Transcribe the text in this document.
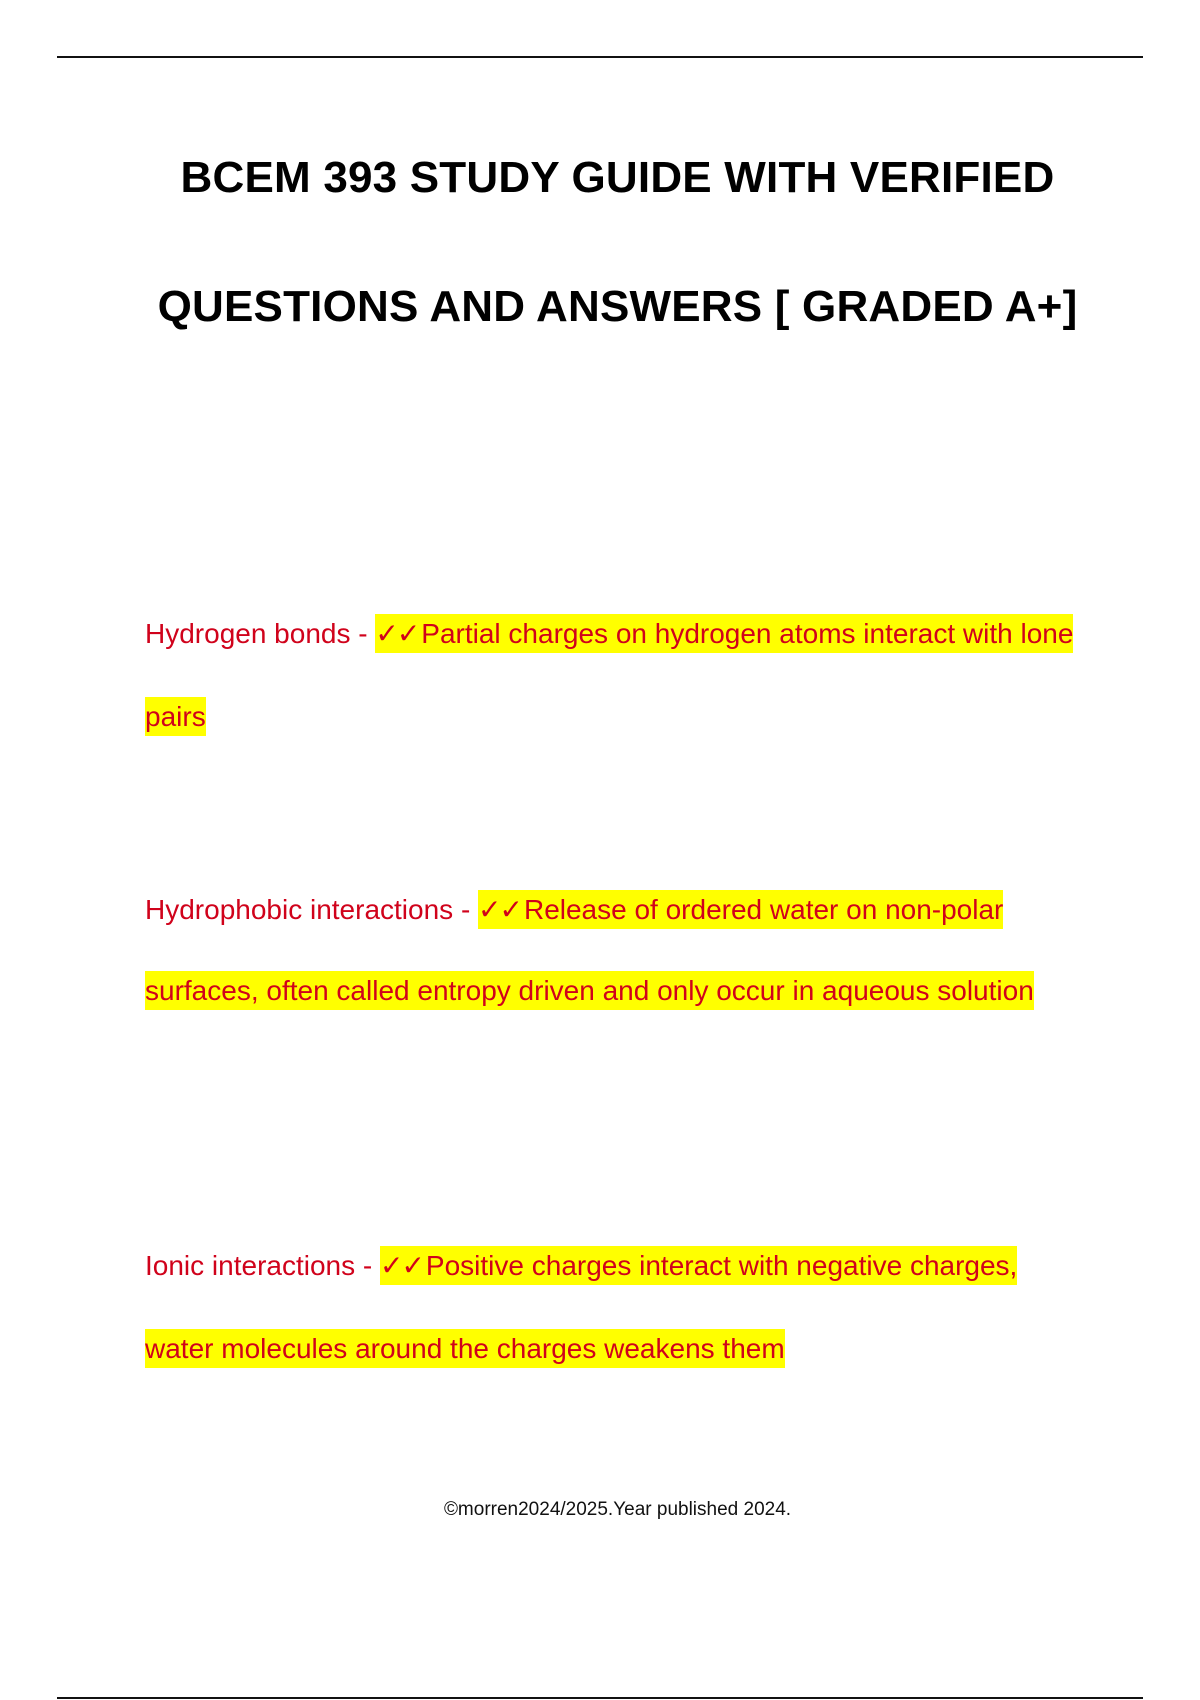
BCEM 393 STUDY GUIDE WITH VERIFIED
QUESTIONS AND ANSWERS [ GRADED A+]
Hydrogen bonds - ✓✓ Partial charges on hydrogen atoms interact with lone pairs
Hydrophobic interactions - ✓✓ Release of ordered water on non-polar surfaces, often called entropy driven and only occur in aqueous solution
Ionic interactions - ✓✓ Positive charges interact with negative charges, water molecules around the charges weakens them
©morren2024/2025.Year published 2024.
